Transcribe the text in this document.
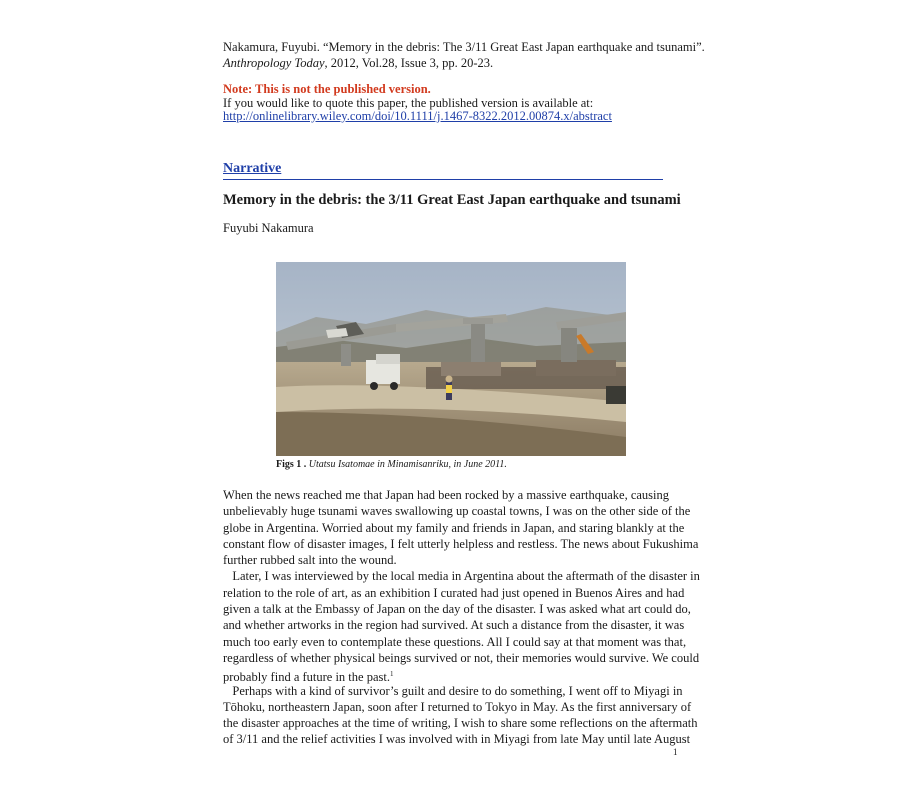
Nakamura, Fuyubi. “Memory in the debris: The 3/11 Great East Japan earthquake and tsunami”.
Anthropology Today, 2012, Vol.28, Issue 3, pp. 20-23.
Note: This is not the published version.
If you would like to quote this paper, the published version is available at:
http://onlinelibrary.wiley.com/doi/10.1111/j.1467-8322.2012.00874.x/abstract
Narrative
Memory in the debris: the 3/11 Great East Japan earthquake and tsunami
Fuyubi Nakamura
Figs 1 . Utatsu Isatomae in Minamisanriku, in June 2011.
When the news reached me that Japan had been rocked by a massive earthquake, causing
unbelievably huge tsunami waves swallowing up coastal towns, I was on the other side of the
globe in Argentina. Worried about my family and friends in Japan, and staring blankly at the
constant flow of disaster images, I felt utterly helpless and restless. The news about Fukushima
further rubbed salt into the wound.
Later, I was interviewed by the local media in Argentina about the aftermath of the disaster in
relation to the role of art, as an exhibition I curated had just opened in Buenos Aires and had
given a talk at the Embassy of Japan on the day of the disaster. I was asked what art could do,
and whether artworks in the region had survived. At such a distance from the disaster, it was
much too early even to contemplate these questions. All I could say at that moment was that,
regardless of whether physical beings survived or not, their memories would survive. We could
probably find a future in the past.$^1$
Perhaps with a kind of survivor’s guilt and desire to do something, I went off to Miyagi in
Tōhoku, northeastern Japan, soon after I returned to Tokyo in May. As the first anniversary of
the disaster approaches at the time of writing, I wish to share some reflections on the aftermath
of 3/11 and the relief activities I was involved with in Miyagi from late May until late August
1
